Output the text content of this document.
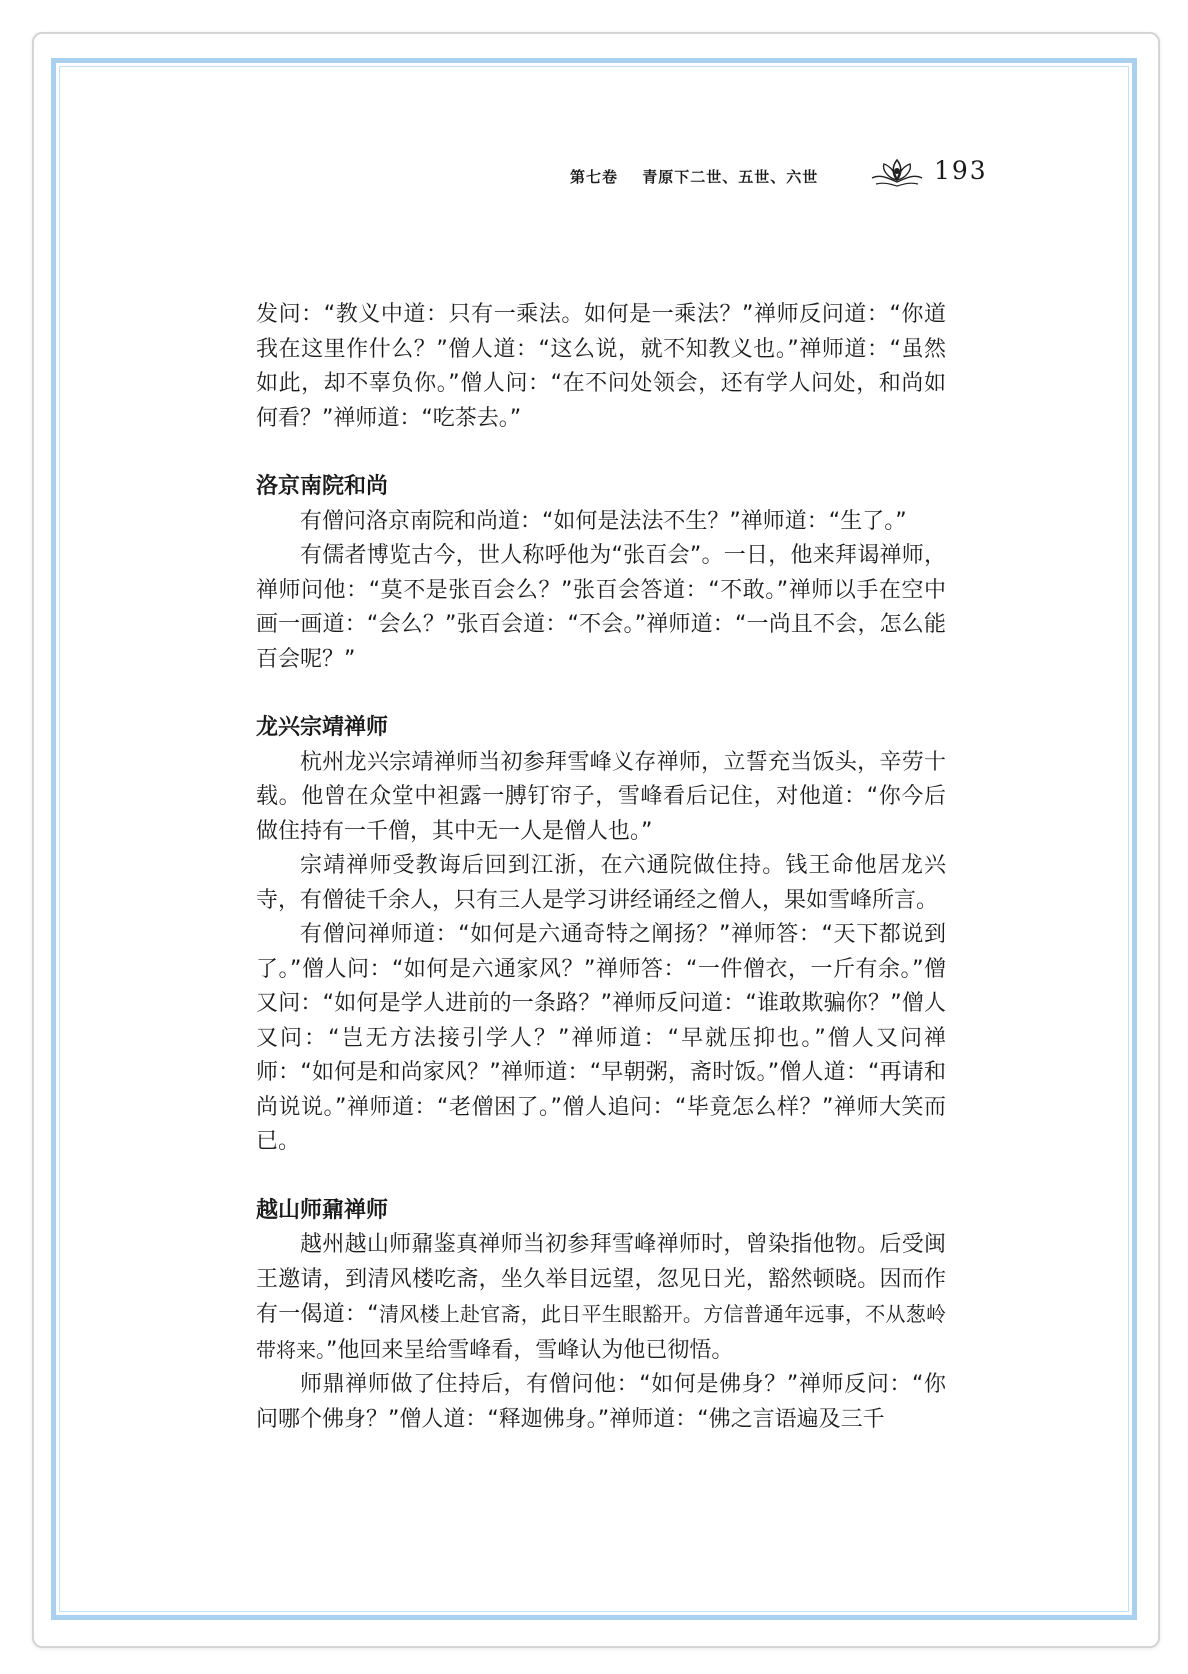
第七卷 青原下二世、五世、六世	193

发问：“教义中道：只有一乘法。如何是一乘法？”禅师反问道：“你道我在这里作什么？”僧人道：“这么说，就不知教义也。”禅师道：“虽然如此，却不辜负你。”僧人问：“在不问处领会，还有学人问处，和尚如何看？”禅师道：“吃茶去。”

洛京南院和尚

有僧问洛京南院和尚道：“如何是法法不生？”禅师道：“生了。”

有儒者博览古今，世人称呼他为“张百会”。一日，他来拜谒禅师，禅师问他：“莫不是张百会么？”张百会答道：“不敢。”禅师以手在空中画一画道：“会么？”张百会道：“不会。”禅师道：“一尚且不会，怎么能百会呢？”

龙兴宗靖禅师

杭州龙兴宗靖禅师当初参拜雪峰义存禅师，立誓充当饭头，辛劳十载。他曾在众堂中袒露一膊钉帘子，雪峰看后记住，对他道：“你今后做住持有一千僧，其中无一人是僧人也。”

宗靖禅师受教诲后回到江浙，在六通院做住持。钱王命他居龙兴寺，有僧徒千余人，只有三人是学习讲经诵经之僧人，果如雪峰所言。

有僧问禅师道：“如何是六通奇特之阐扬？”禅师答：“天下都说到了。”僧人问：“如何是六通家风？”禅师答：“一件僧衣，一斤有余。”僧又问：“如何是学人进前的一条路？”禅师反问道：“谁敢欺骗你？”僧人又问：“岂无方法接引学人？”禅师道：“早就压抑也。”僧人又问禅师：“如何是和尚家风？”禅师道：“早朝粥，斋时饭。”僧人道：“再请和尚说说。”禅师道：“老僧困了。”僧人追问：“毕竟怎么样？”禅师大笑而已。

越山师鼐禅师

越州越山师鼐鉴真禅师当初参拜雪峰禅师时，曾染指他物。后受闽王邀请，到清风楼吃斋，坐久举目远望，忽见日光，豁然顿晓。因而作有一偈道：“清风楼上赴官斋，此日平生眼豁开。方信普通年远事，不从葱岭带将来。”他回来呈给雪峰看，雪峰认为他已彻悟。

师鼎禅师做了住持后，有僧问他：“如何是佛身？”禅师反问：“你问哪个佛身？”僧人道：“释迦佛身。”禅师道：“佛之言语遍及三千
